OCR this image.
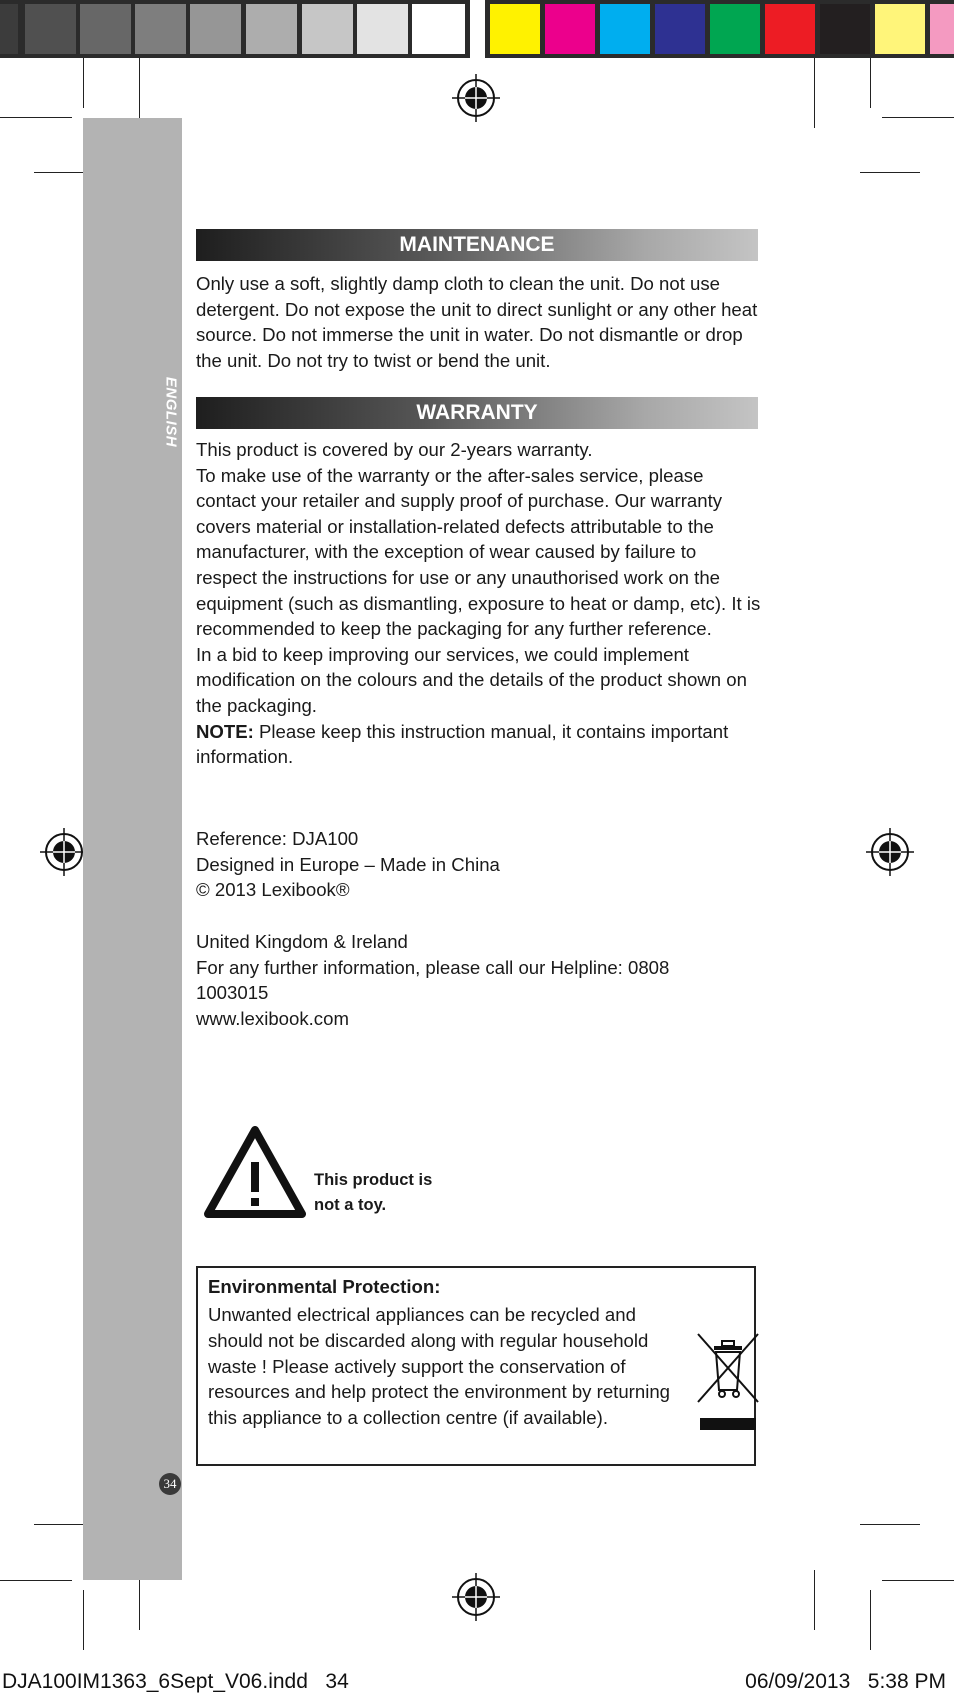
ENGLISH
34
MAINTENANCE
Only use a soft, slightly damp cloth to clean the unit. Do not use detergent. Do not expose the unit to direct sunlight or any other heat source. Do not immerse the unit in water. Do not dismantle or drop the unit. Do not try to twist or bend the unit.
WARRANTY

This product is covered by our 2-years warranty.

To make use of the warranty or the after-sales service, please contact your retailer and supply proof of purchase. Our warranty covers material or installation-related defects attributable to the manufacturer, with the exception of wear caused by failure to respect the instructions for use or any unauthorised work on the equipment (such as dismantling, exposure to heat or damp, etc). It is recommended to keep the packaging for any further reference.

In a bid to keep improving our services, we could implement modification on the colours and the details of the product shown on the packaging.

NOTE: Please keep this instruction manual, it contains important information.

Reference: DJA100

Designed in Europe – Made in China

© 2013 Lexibook®

United Kingdom & Ireland

For any further information, please call our Helpline: 0808 1003015

www.lexibook.com

This product is
not a toy.
Environmental Protection:
Unwanted electrical appliances can be recycled and should not be discarded along with regular household waste ! Please actively support the conservation of resources and help protect the environment by returning this appliance to a collection centre (if available).
DJA100IM1363_6Sept_V06.indd   34	06/09/2013 5:38 PM
